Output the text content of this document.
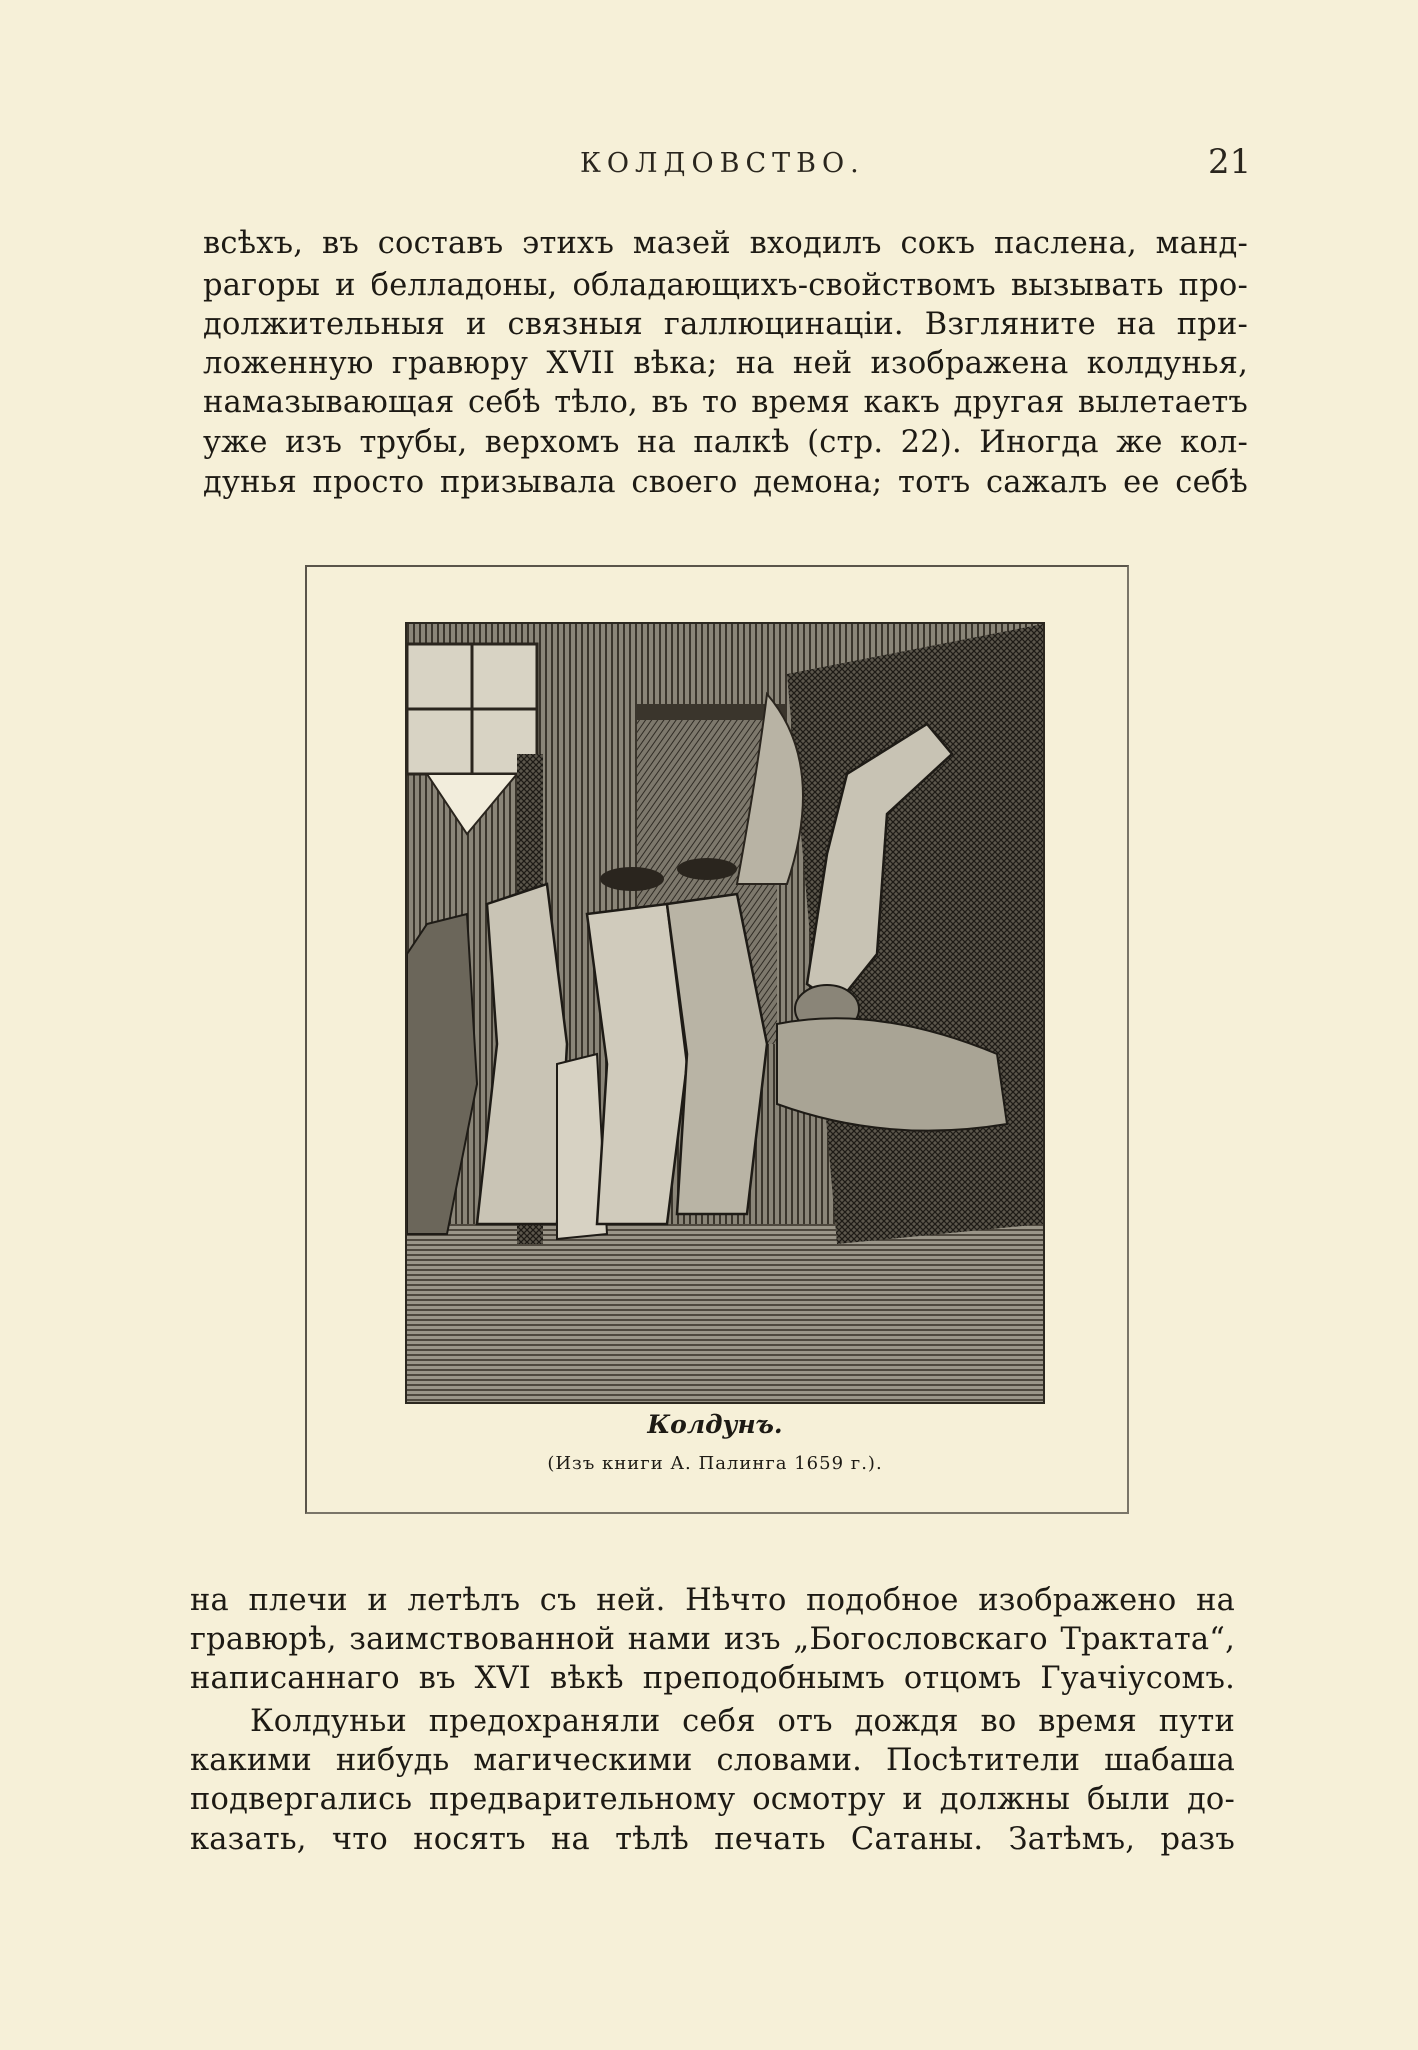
КОЛДОВСТВО.	21
всѣхъ, въ составъ этихъ мазей входилъ сокъ паслена, манд-
рагоры и белладоны, обладающихъ-свойствомъ вызывать про-
должительныя и связныя галлюцинаціи. Взгляните на при-
ложенную гравюру XVII вѣка; на ней изображена колдунья,
намазывающая себѣ тѣло, въ то время какъ другая вылетаетъ
уже изъ трубы, верхомъ на палкѣ (стр. 22). Иногда же кол-
дунья просто призывала своего демона; тотъ сажалъ ее себѣ
Колдунъ.
(Изъ книги А. Палинга 1659 г.).
на плечи и летѣлъ съ ней. Нѣчто подобное изображено на
гравюрѣ, заимствованной нами изъ „Богословскаго Трактата“,
написаннаго въ XVI вѣкѣ преподобнымъ отцомъ Гуачіусомъ.
Колдуньи предохраняли себя отъ дождя во время пути
какими нибудь магическими словами. Посѣтители шабаша
подвергались предварительному осмотру и должны были до-
казать, что носятъ на тѣлѣ печать Сатаны. Затѣмъ, разъ
